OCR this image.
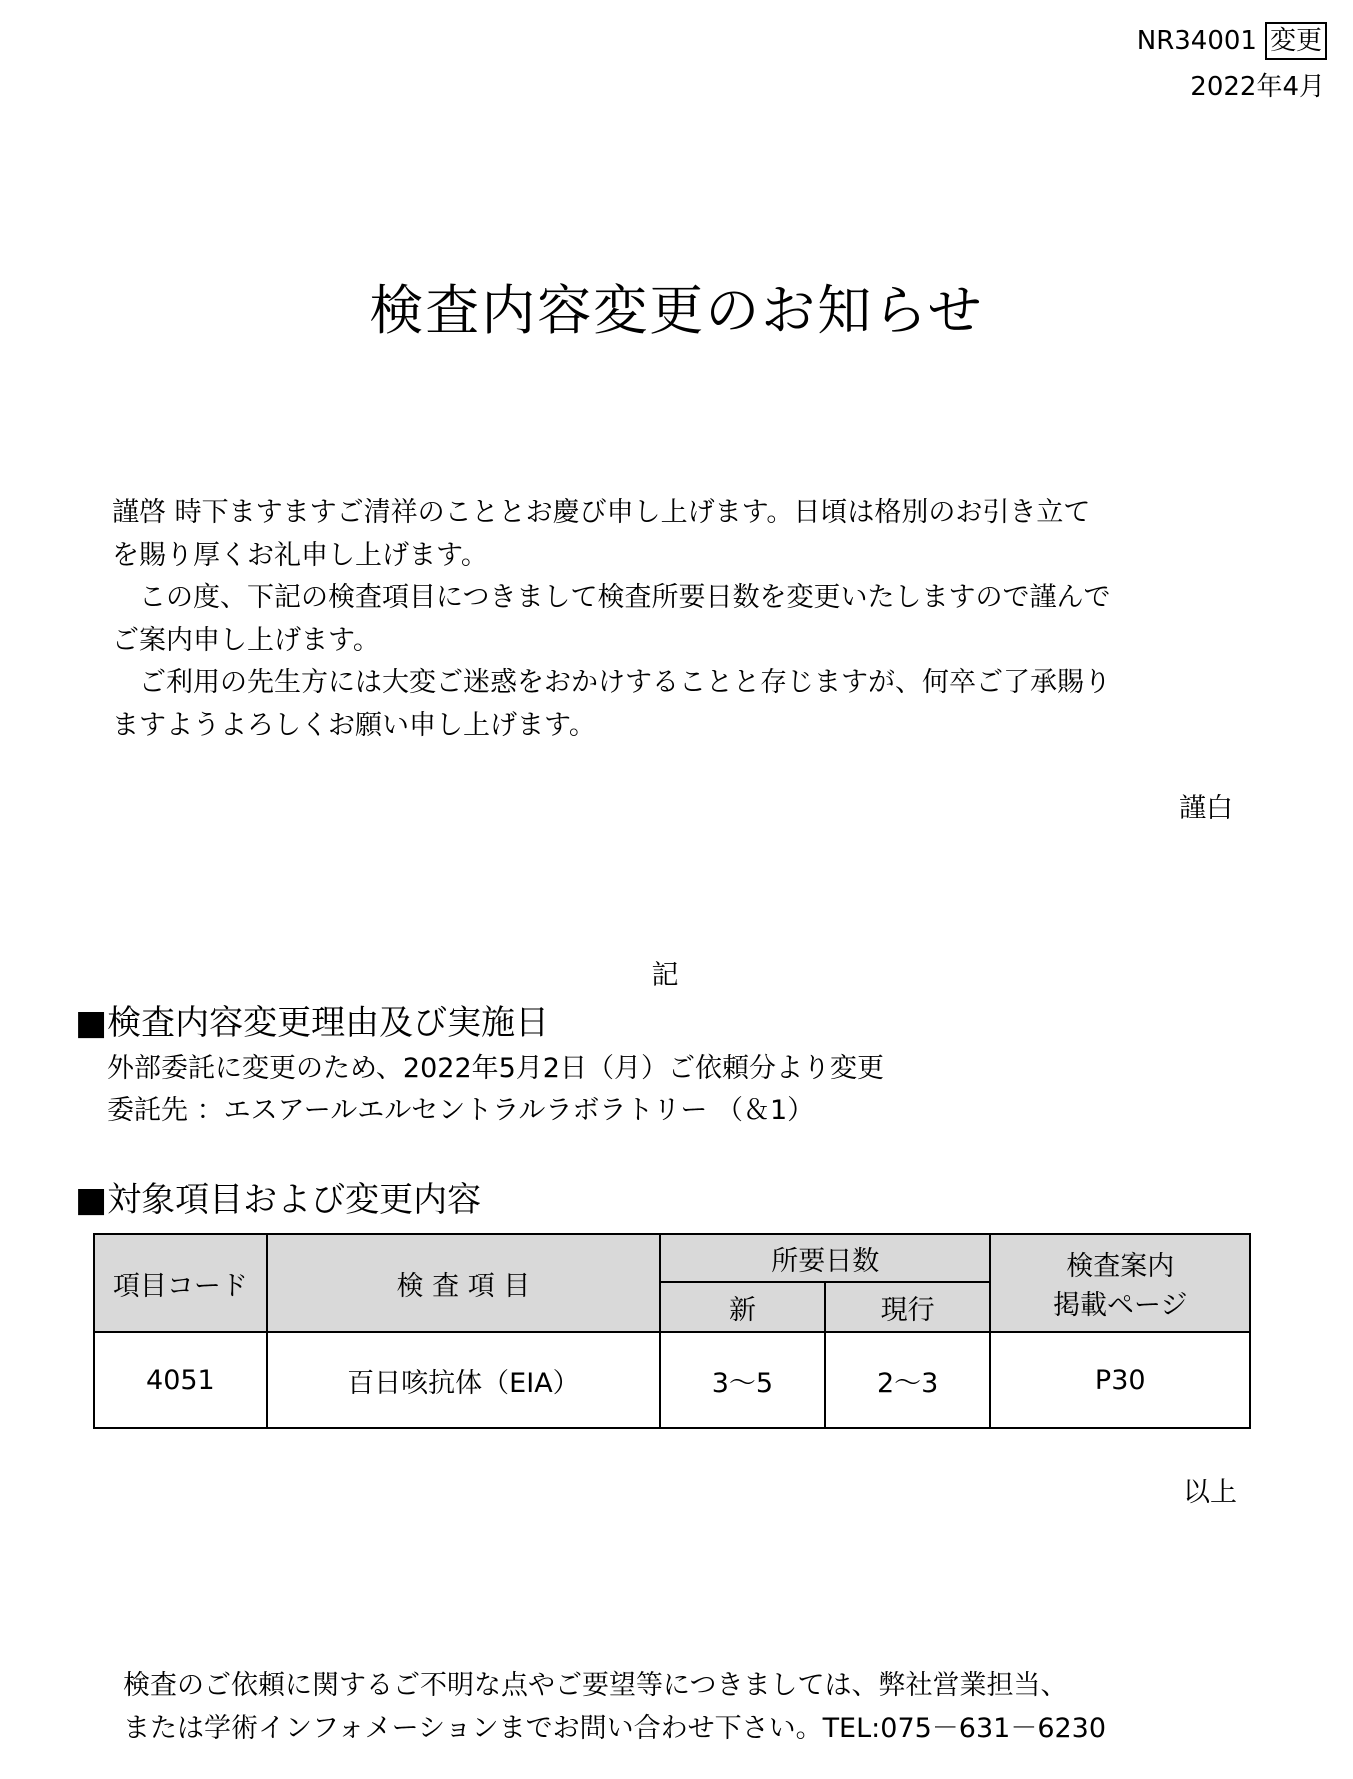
NR34001 変更
2022年4月
検査内容変更のお知らせ
謹啓 時下ますますご清祥のこととお慶び申し上げます。日頃は格別のお引き立て
を賜り厚くお礼申し上げます。
　この度、下記の検査項目につきまして検査所要日数を変更いたしますので謹んで
ご案内申し上げます。
　ご利用の先生方には大変ご迷惑をおかけすることと存じますが、何卒ご了承賜り
ますようよろしくお願い申し上げます。
謹白
記
■検査内容変更理由及び実施日
外部委託に変更のため、2022年5月2日（月）ご依頼分より変更
委託先 ：エスアールエルセントラルラボラトリー （＆1）
■対象項目および変更内容
項目コード	検 査 項 目	所要日数		検査案内
掲載ページ

		新	現行	
4051	百日咳抗体（EIA）	3～5	2～3	P30
以上
検査のご依頼に関するご不明な点やご要望等につきましては、弊社営業担当、
または学術インフォメーションまでお問い合わせ下さい。TEL:075－631－6230
